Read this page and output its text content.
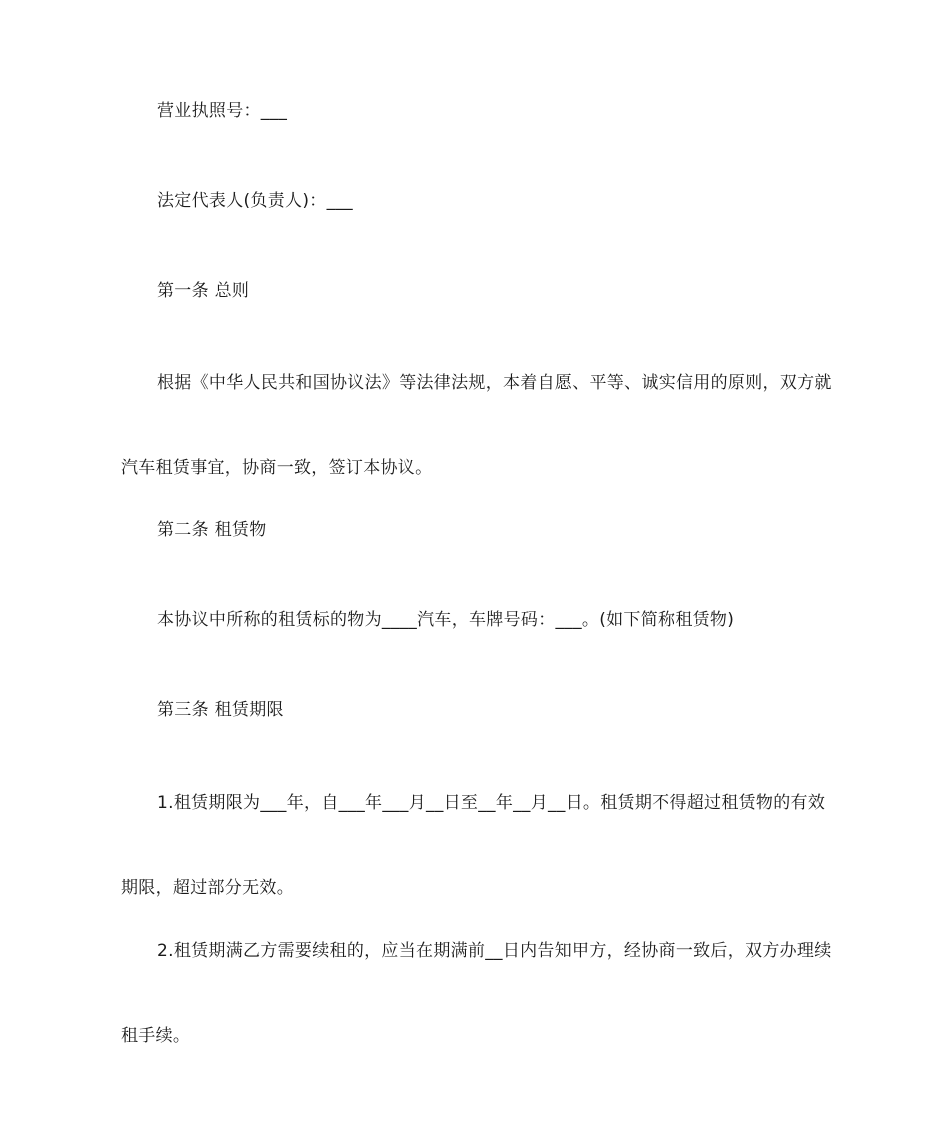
营业执照号：___

法定代表人(负责人)：___

第一条 总则

根据《中华人民共和国协议法》等法律法规，本着自愿、平等、诚实信用的原则，双方就汽车租赁事宜，协商一致，签订本协议。

第二条 租赁物

本协议中所称的租赁标的物为____汽车，车牌号码：___。(如下简称租赁物)

第三条 租赁期限

1.租赁期限为___年，自___年___月__日至__年__月__日。租赁期不得超过租赁物的有效期限，超过部分无效。

2.租赁期满乙方需要续租的，应当在期满前__日内告知甲方，经协商一致后，双方办理续租手续。
